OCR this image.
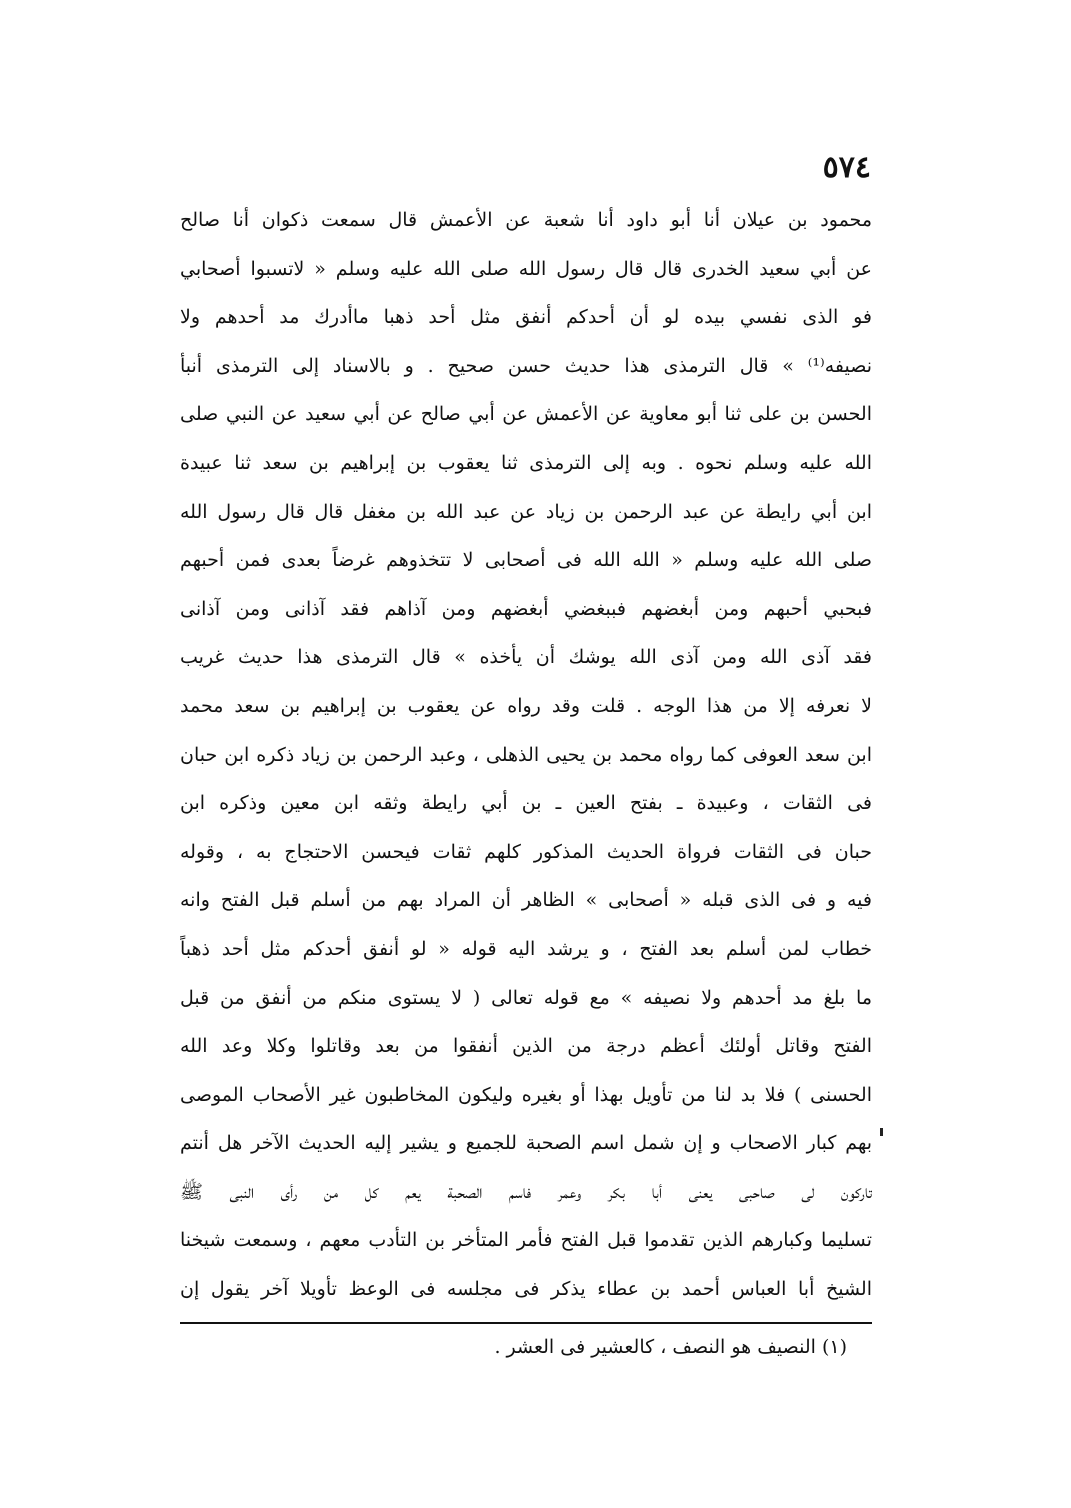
٥٧٤
محمود بن عيلان أنا أبو داود أنا شعبة عن الأعمش قال سمعت ذكوان أنا صالح
عن أبي سعيد الخدرى قال قال رسول الله صلى الله عليه وسلم « لاتسبوا أصحابي
فو الذى نفسي بيده لو أن أحدكم أنفق مثل أحد ذهبا ماأدرك مد أحدهم ولا
نصيفه⁽¹⁾ » قال الترمذى هذا حديث حسن صحيح . و بالاسناد إلى الترمذى أنبأ
الحسن بن على ثنا أبو معاوية عن الأعمش عن أبي صالح عن أبي سعيد عن النبي صلى
الله عليه وسلم نحوه . وبه إلى الترمذى ثنا يعقوب بن إبراهيم بن سعد ثنا عبيدة
ابن أبي رايطة عن عبد الرحمن بن زياد عن عبد الله بن مغفل قال قال رسول الله
صلى الله عليه وسلم « الله الله فى أصحابى لا تتخذوهم غرضاً بعدى فمن أحبهم
فبحبي أحبهم ومن أبغضهم فببغضي أبغضهم ومن آذاهم فقد آذانى ومن آذانى
فقد آذى الله ومن آذى الله يوشك أن يأخذه » قال الترمذى هذا حديث غريب
لا نعرفه إلا من هذا الوجه . قلت وقد رواه عن يعقوب بن إبراهيم بن سعد محمد
ابن سعد العوفى كما رواه محمد بن يحيى الذهلى ، وعبد الرحمن بن زياد ذكره ابن حبان
فى الثقات ، وعبيدة ـ بفتح العين ـ بن أبي رايطة وثقه ابن معين وذكره ابن
حبان فى الثقات فرواة الحديث المذكور كلهم ثقات فيحسن الاحتجاج به ، وقوله
فيه و فى الذى قبله « أصحابى » الظاهر أن المراد بهم من أسلم قبل الفتح وانه
خطاب لمن أسلم بعد الفتح ، و يرشد اليه قوله « لو أنفق أحدكم مثل أحد ذهباً
ما بلغ مد أحدهم ولا نصيفه » مع قوله تعالى ( لا يستوى منكم من أنفق من قبل
الفتح وقاتل أولئك أعظم درجة من الذين أنفقوا من بعد وقاتلوا وكلا وعد الله
الحسنى ) فلا بد لنا من تأويل بهذا أو بغيره وليكون المخاطبون غير الأصحاب الموصى
بهم كبار الاصحاب و إن شمل اسم الصحبة للجميع و يشير إليه الحديث الآخر هل أنتم
تاركون لى صاحبى يعنى أبا بكر وعمر فاسم الصحبة يعم كل من رأى النبى ﷺ
تسليما وكبارهم الذين تقدموا قبل الفتح فأمر المتأخر بن التأدب معهم ، وسمعت شيخنا
الشيخ أبا العباس أحمد بن عطاء يذكر فى مجلسه فى الوعظ تأويلا آخر يقول إن
(١) النصيف هو النصف ، كالعشير فى العشر .
